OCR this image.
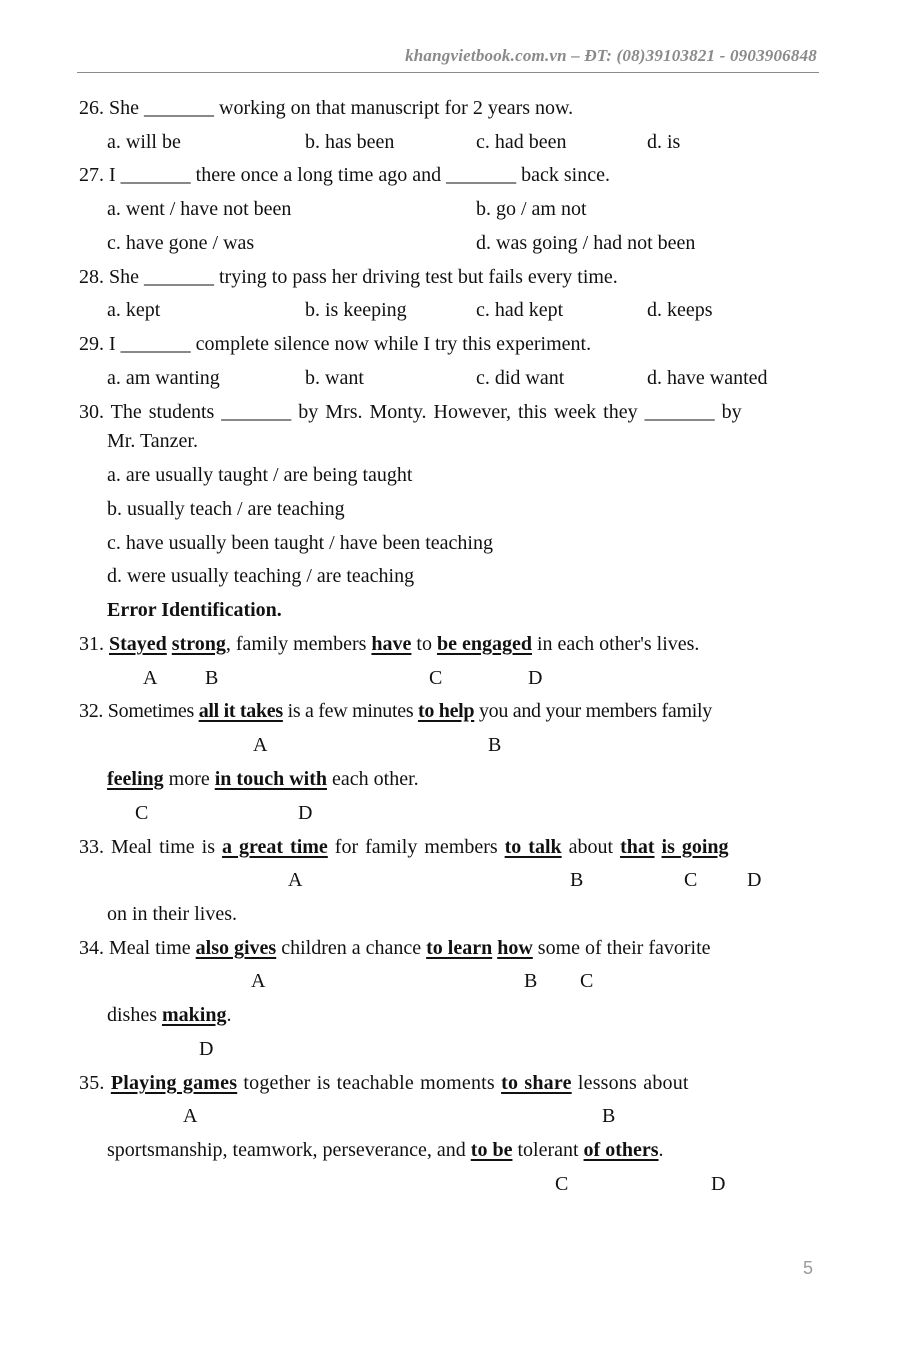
khangvietbook.com.vn – ĐT: (08)39103821 - 0903906848
26. She _______ working on that manuscript for 2 years now.
a. will be	b. has been	c. had been	d. is
27. I _______ there once a long time ago and _______ back since.
a. went / have not been	b. go / am not
c. have gone / was	d. was going / had not been
28. She _______ trying to pass her driving test but fails every time.
a. kept	b. is keeping	c. had kept	d. keeps
29. I _______ complete silence now while I try this experiment.
a. am wanting	b. want	c. did want	d. have wanted
30. The students _______ by Mrs. Monty. However, this week they _______ by
Mr. Tanzer.
a. are usually taught / are being taught
b. usually teach / are teaching
c. have usually been taught / have been teaching
d. were usually teaching / are teaching
Error Identification.
31. Stayed strong, family members have to be engaged in each other's lives.
A B	C	D
32. Sometimes all it takes is a few minutes to help you and your members family
A	B
feeling more in touch with each other.
C	D
33. Meal time is a great time for family members to talk about that is going
A	B	C D
on in their lives.
34. Meal time also gives children a chance to learn how some of their favorite
A	B C
dishes making.
D
35. Playing games together is teachable moments to share lessons about
A	B
sportsmanship, teamwork, perseverance, and to be tolerant of others.
C	D
5
